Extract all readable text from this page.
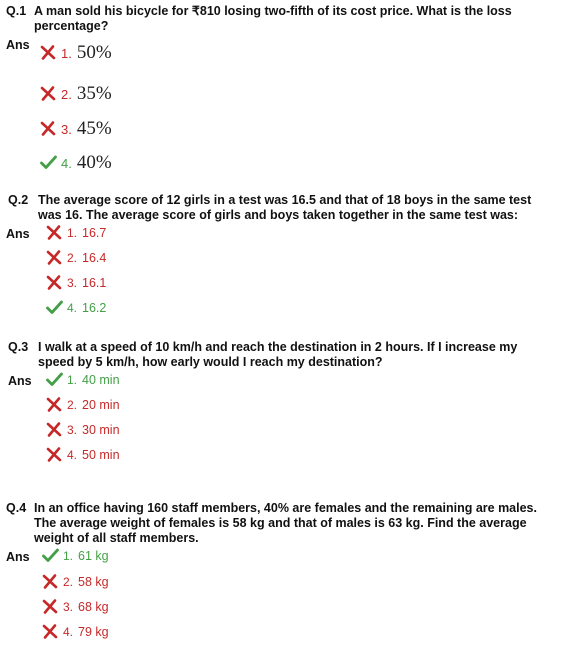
Q.1 A man sold his bicycle for ₹810 losing two-fifth of its cost price. What is the loss
percentage?
Ans
1. 50%
2. 35%
3. 45%
4. 40%
Q.2 The average score of 12 girls in a test was 16.5 and that of 18 boys in the same test
was 16. The average score of girls and boys taken together in the same test was:
Ans	1. 16.7
2. 16.4
3. 16.1
4. 16.2
Q.3 I walk at a speed of 10 km/h and reach the destination in 2 hours. If I increase my
speed by 5 km/h, how early would I reach my destination?
Ans	1. 40 min
2. 20 min
3. 30 min
4. 50 min
Q.4 In an office having 160 staff members, 40% are females and the remaining are males.
The average weight of females is 58 kg and that of males is 63 kg. Find the average
weight of all staff members.
Ans	1. 61 kg
2. 58 kg
3. 68 kg
4. 79 kg
